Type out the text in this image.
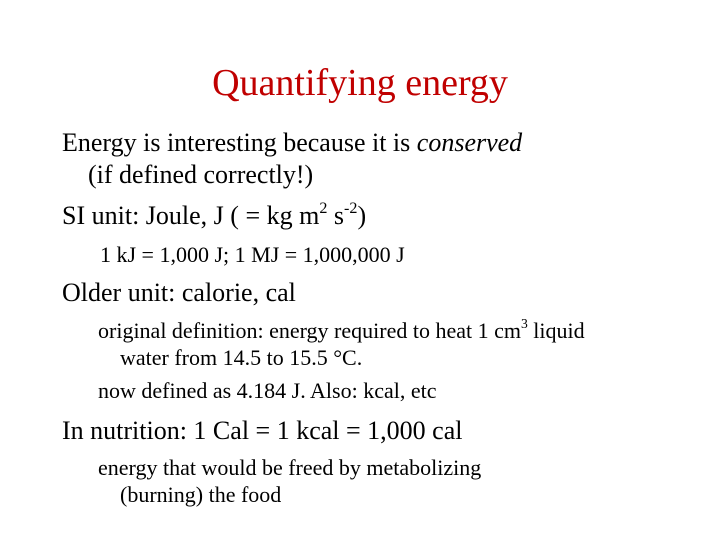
Quantifying energy
Energy is interesting because it is conserved
(if defined correctly!)
SI unit: Joule, J ( = kg $m^2$ $s^{-2}$)
1 kJ = 1,000 J; 1 MJ = 1,000,000 J
Older unit: calorie, cal
original definition: energy required to heat 1 $cm^3$ liquid
water from 14.5 to 15.5 °C.
now defined as 4.184 J. Also: kcal, etc
In nutrition: 1 Cal = 1 kcal = 1,000 cal
energy that would be freed by metabolizing
(burning) the food
